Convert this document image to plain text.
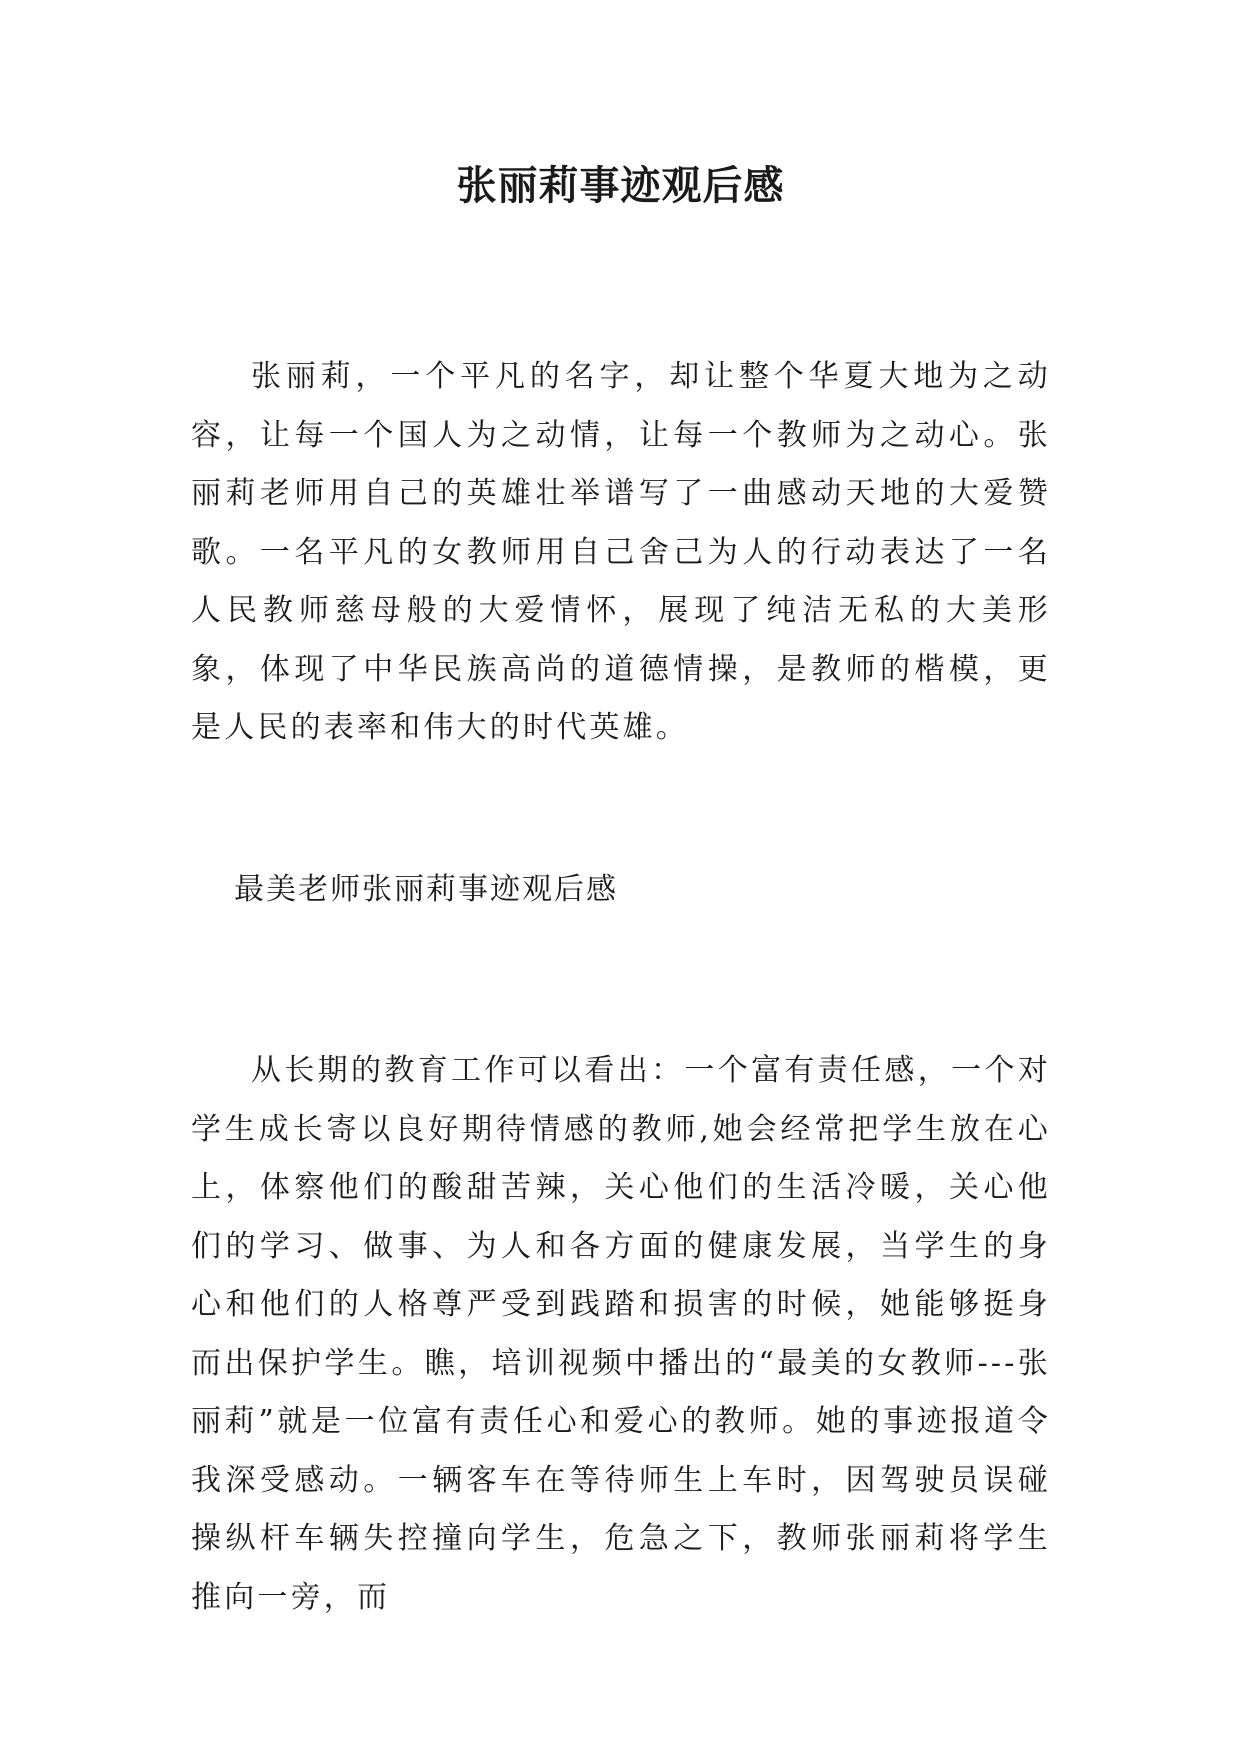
张丽莉事迹观后感

张丽莉，一个平凡的名字，却让整个华夏大地为之动容，让每一个国人为之动情，让每一个教师为之动心。张丽莉老师用自己的英雄壮举谱写了一曲感动天地的大爱赞歌。一名平凡的女教师用自己舍己为人的行动表达了一名人民教师慈母般的大爱情怀，展现了纯洁无私的大美形象，体现了中华民族高尚的道德情操，是教师的楷模，更是人民的表率和伟大的时代英雄。

最美老师张丽莉事迹观后感

从长期的教育工作可以看出：一个富有责任感，一个对学生成长寄以良好期待情感的教师,她会经常把学生放在心上，体察他们的酸甜苦辣，关心他们的生活冷暖，关心他们的学习、做事、为人和各方面的健康发展，当学生的身心和他们的人格尊严受到践踏和损害的时候，她能够挺身而出保护学生。瞧，培训视频中播出的“最美的女教师---张丽莉”就是一位富有责任心和爱心的教师。她的事迹报道令我深受感动。一辆客车在等待师生上车时，因驾驶员误碰操纵杆车辆失控撞向学生，危急之下，教师张丽莉将学生推向一旁，而
